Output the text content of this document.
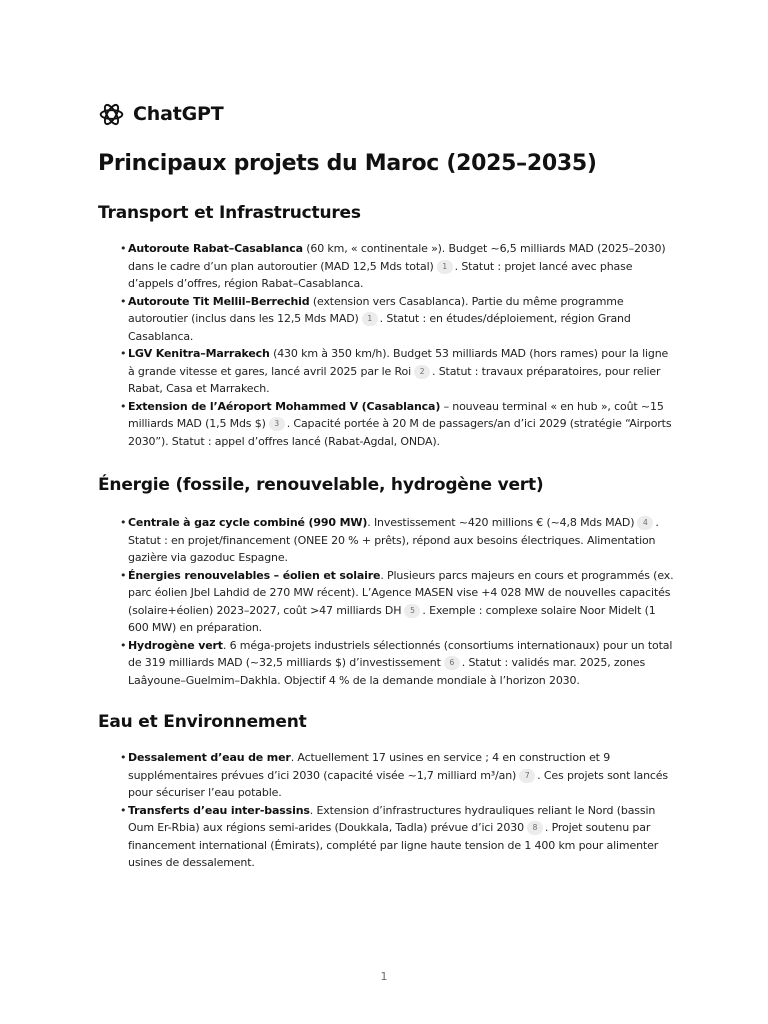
ChatGPT
Principaux projets du Maroc (2025–2035)
Transport et Infrastructures
• Autoroute Rabat–Casablanca (60 km, « continentale »). Budget ~6,5 milliards MAD (2025–2030) dans le cadre d’un plan autoroutier (MAD 12,5 Mds total) 1 . Statut : projet lancé avec phase d’appels d’offres, région Rabat–Casablanca.
• Autoroute Tit Mellil–Berrechid (extension vers Casablanca). Partie du même programme autoroutier (inclus dans les 12,5 Mds MAD) 1 . Statut : en études/déploiement, région Grand Casablanca.
• LGV Kenitra–Marrakech (430 km à 350 km/h). Budget 53 milliards MAD (hors rames) pour la ligne à grande vitesse et gares, lancé avril 2025 par le Roi 2 . Statut : travaux préparatoires, pour relier Rabat, Casa et Marrakech.
• Extension de l’Aéroport Mohammed V (Casablanca) – nouveau terminal « en hub », coût ~15 milliards MAD (1,5 Mds $) 3 . Capacité portée à 20 M de passagers/an d’ici 2029 (stratégie “Airports 2030”). Statut : appel d’offres lancé (Rabat-Agdal, ONDA).
Énergie (fossile, renouvelable, hydrogène vert)
• Centrale à gaz cycle combiné (990 MW). Investissement ~420 millions € (~4,8 Mds MAD) 4 . Statut : en projet/financement (ONEE 20 % + prêts), répond aux besoins électriques. Alimentation gazière via gazoduc Espagne.
• Énergies renouvelables – éolien et solaire. Plusieurs parcs majeurs en cours et programmés (ex. parc éolien Jbel Lahdid de 270 MW récent). L’Agence MASEN vise +4 028 MW de nouvelles capacités (solaire+éolien) 2023–2027, coût >47 milliards DH 5 . Exemple : complexe solaire Noor Midelt (1 600 MW) en préparation.
• Hydrogène vert. 6 méga-projets industriels sélectionnés (consortiums internationaux) pour un total de 319 milliards MAD (~32,5 milliards $) d’investissement 6 . Statut : validés mar. 2025, zones Laâyoune–Guelmim–Dakhla. Objectif 4 % de la demande mondiale à l’horizon 2030.
Eau et Environnement
• Dessalement d’eau de mer. Actuellement 17 usines en service ; 4 en construction et 9 supplémentaires prévues d’ici 2030 (capacité visée ~1,7 milliard m³/an) 7 . Ces projets sont lancés pour sécuriser l’eau potable.
• Transferts d’eau inter-bassins. Extension d’infrastructures hydrauliques reliant le Nord (bassin Oum Er-Rbia) aux régions semi-arides (Doukkala, Tadla) prévue d’ici 2030 8 . Projet soutenu par financement international (Émirats), complété par ligne haute tension de 1 400 km pour alimenter usines de dessalement.
1
